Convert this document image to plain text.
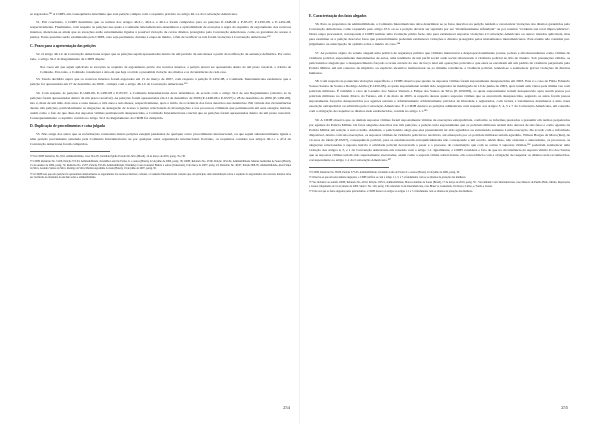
se esgotados.¹⁸¹ A CIDH, em consequência determina que esta petição cumpre com o requisito previsto no artigo 46.1.a da Convenção Americana.

51. Em conclusão, a CIDH determina que os termos dos artigos 46.2.c, 46.2.a, e 46.1.a foram cumpridos para as petições P-1448-06 e P-65-07; P-1450-08, e P-1452-08, respectivamente. Finalmente, com respeito às petições nas quais a Comissão Interamericana determinou a aplicabilidade de exceções à regra do requisito de esgotamento dos recursos internos, menciona-se ainda que as exceções estão estreitamente ligadas à possível violação de certos direitos protegidos pela Convenção Americana, como as garantias de acesso à justiça. Estas questões serão examinadas pela CIDH, caso seja pertinente, durante a etapa de mérito, a fim de verificar se tais foram violações à Convenção Americana.¹⁸²

C. Prazo para a apresentação das petições

52. O artigo 46.1.b da Convenção Americana requer que as petições sejam apresentadas dentro de um período de seis meses a partir da notificação da sentença definitiva. Por outro lado, o artigo 32.2 do Regulamento da CIDH dispõe:

Nos casos em que sejam aplicáveis as exceções ao requisito de esgotamento prévio dos recursos internos, a petição deverá ser apresentada dentro de um prazo razoável, a critério da Comissão. Para tanto, a Comissão considerará a data em que haja ocorrido a presumida violação dos direitos e as circunstâncias de cada caso.

53. Tendo decidido supra que os recursos internos foram esgotados em 15 de março de 2007, com respeito à petição P-1452-08, a Comissão Interamericana estabelece que a petição foi apresentada em 27 de dezembro de 2006 - cumpre com o artigo 46.1.b da Convenção Americana.¹⁸³

54. Com respeito às petições P-1448-06, P-1450-08 e P-65/07, a Comissão Interamericana deve determinar, de acordo com o artigo 32.2 de seu Regulamento (relativo as às petições foram apresentadas dentro de um prazo razoável). As petições foram apresentadas em 21 de dezembro de 2006 (P-1448-06 e P-65/07) e 28 de dezembro de 2006 (P-1450-08), isto é, mais de um mês, dois anos e onze meses, e três anos e seis meses, respectivamente, após o início da ocorrência dos fatos descritos nas denúncias. Em virtude das circunstâncias destas três petições, particularmente as alegações de denegação de acesso à justiça relacionada às investigações e aos processos criminais que permanecem em seus estágios iniciais, assim como o fato de que duas das supostas vítimas permanecem desaparecidas, a Comissão Interamericana conclui que as petições foram apresentadas dentro de um prazo razoável. Consequentemente o requisito contido no artigo 32.2 do Regulamento da CIDH foi cumprido.

D. Duplicação de procedimentos e coisa julgada

55. Não surge dos autos que as reclamações constantes destas petições estejam pendentes de qualquer outro procedimento internacional, ou que sejam substancialmente iguais a uma petição previamente estudada pela Comissão Interamericana ou por qualquer outra organização internacional. Portanto, os requisitos contidos nos artigos 46.1.c e 47.d da Convenção Americana foram cumpridos.

¹⁸¹ Ver CIDH, Relatório No. 8/10, Admissibilidade, Caso 36.2-85, Jucinildo Egídio Ferreira Da Silva (Brasil), 16 de março de 2016, parag. 35 e 38.

¹⁸² CIDH, Relatório No. 51/09, Petição 373-03, Admissibilidade, Juvenilho Leite De Farias, Jr. e outros (Brasil), 22 de julho de 2009, parág. 18; CIDH, Relatório No. 25/06, Petição 1252-04, Admissibilidade, Mateus Guimarães de Souza (Brasil), 15 de outubro de 2009, parág. 74; Relatório No. 25/07, Petição 352-06, Admissibilidade, Wanderley Costa Gonzalez Batista e outros (Venezuela), 9 de março de 2007; parág. 43; Relatório No. 40/07, Petição 868-05, Admissibilidade, Alan Felipe da Silva, Leandro Santos da Silva, Rodrigo da Silva Martins Agostinho Correia (Brasil), 19 de julho de 2007, parág. 95.

¹⁸³ A CIDH nota que esta petição foi apresentada anteriormente ao esgotamento dos recursos internos; contudo, a Comissão Interamericana constata que, em princípio, uma determinação sobre o requisito do esgotamento dos recursos internos deve ser verificada no momento da decisão sobre a admissibilidade.

254
E. Caracterização dos fatos alegados

56. Para os propósitos de admissibilidade, a Comissão Interamericana deve determinar se os fatos descritos na petição tendem a caracterizar violações dos direitos garantidos pela Convenção Americana, como requerido pelo artigo 47.b ou se a petição deveria ser rejeitada por ser "manifestamente infundada" ou por resultar "evidente sua total improcedência". Nesta etapa processual, corresponde à CIDH realizar uma avaliação prima facie, não para estabelecer supostas violações à Convenção Americana ou outros tratados aplicáveis, mas para examinar se a petição descreve fatos que potencialmente poderiam estabelecer violações a direitos protegidos pelos instrumentos interamericanos. Este exame não constitui pré-julgamento ou antecipação de opinião sobre o mérito do caso.¹⁸⁴

57. As petições objeto do estudo alegam uma política de segurança pública que vitimiza intencional e desproporcionalmente jovens, pobres e afrodescendentes como vítimas de violência policial, supostamente denominados de autos, uma tendência de um perfil social onde social relacionado à violência policial no Rio de Janeiro. Sob presunções válidas, os peticionários alegam que o desaparecimento forçado ocorreu através do uso de força letal em operações policiais e que estes se encaixam em um padrão de violência perpetrada pela Polícia Militar, em um contexto de implícito ou explícito incentivo institucional ou ao mínimo tolerância, a violência policial, tendem-se a estabelecer graves violações de direitos humanos.

58. Com respeito às potenciais violações específicas, a CIDH observa que quanto às supostas vítimas foram supostamente desaparecidas em 2003. Este é o caso de Fábio Eduardo Soares Santos de Souza e Rodrigo Abílio (P-1450-08), as quais supostamente teriam sido resgatados na madrugada de 10 de junho de 2003, após terem sido vistos pela última vez com policiais militares. É também o caso de Leandro dos Santos Ventura e Felipe dos Santos da Silva (P-1650/08), os quais supostamente teriam desaparecido após serem presos por policiais militares no fundo Morro do Turano, em 2 de maio de 2003. A respeito dessas quatro supostas vítimas que se encontram desaparecidas, segundo os autos foram presos supostamente forçados desaparecidos por agentes estatais e arbitrariamente arbitrariamente privados de liberdade e registrados, com tortura e tratamentos desumanos e uma cruel execução extrajudicial ou arbitrária pela Convenção Americana. É a CIDH destaca as petições admissíveis com respeito aos artigos 3, 4, 5 e 7 da Convenção Americana, em conexão com a obrigação de respeitar os direitos nele estabelecidos, contida no artigo 1.1.¹⁸⁵

59. A CIDH observa que os demais supostas vítimas foram supostamente vítimas de execuções extrajudiciais, conforme os informes prestados a presumir em termos perpetrados por agentes da Polícia Militar. Os fatos alegados descritos nas três petições, a petição teria supostamente que os policiais militares teriam sido autores de tais fatos e como agentes da Polícia Militar em relação a esta ocasião. Ademais, o peticionário alega que eles pretenderam ter sido agredidos ou estruturado somente à uma execução. De acordo com o informado disponível, dentro com tais execuções, os supostos vítimas de violência policial no território, até ameaçado por os policiais militares teriam agredido, Wilson Borges de Mota (Rei), de 14 anos de idade (P-65/07), consequência policial, para se estabelecerem extrajudicialmente não corresponde a um acordo. Além disso, não obstante o antecedente, os processos, as alegações relacionadas à suposta inércia à atividade policial decorreram a pesar e o processo de constituição que com as outras 5 supostas vítimas,¹⁸⁶ poderiam estabelecer uma violação dos artigos 4, 5, e 1 da Convenção Americana em conexão com o artigo 1.1. Igualmente, a CIDH considera o fato de que na circunstância da suposta vítima Ivo dos Santos que as supostas vítimas teriam sido supostamente executadas, assim como a suposta vítima sobrevivente, em concordância com a obrigação de respeitar os direitos nele reconhecidos, correspondente ao artigo 1.1 da Convenção Americana.¹⁸⁷

¹⁸⁴ CIDH, Relatório No. 85/09, Petição 373-03, Admissibilidade, Juvenildo Leite de Farias Jr. e outros (Brasil), 22 de julho de 2009, parág. 39.

¹⁸⁵ Observa-se que em suas demais alegações, a CIDH verifica se com o artigo 1.1, 3, e 7 e fundamento com os os direitos de proteção das mulheres.

¹⁸⁶ Ver, inclusive ao sentido CIDH, Relatório No. 40/10, Petição 1305-S, Admissibilidade, Marcos Antônio de Souza (Brasil), 17 de março de 2010, parág. 59 – Ver também: Corte Interamericana, caso Masacre de Pueblo Bello, Mérito, Reparações e Custas, Julgamento de 31 de janeiro de 2006. Série C No. 140, parág. 136; relatando Corte Interamericana, caso Blake vs. Guatemala, Ver Rosa e Cirino, e, Fondo e Custas.

¹⁸⁷ Uma vez que os fatos alegados pelos peticionários, a CIDH destaca os artigos os artigos 1.1 e 7 e fundamento com os direitos de proteção das mulheres.

255
